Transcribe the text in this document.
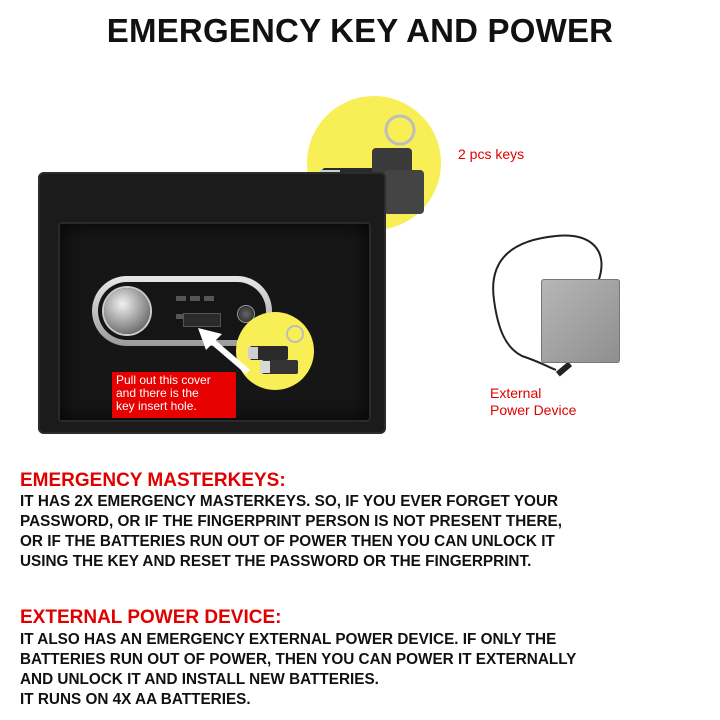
EMERGENCY KEY AND POWER

Pull out this cover
and there is the
key insert hole.
2 pcs keys
External
Power Device
EMERGENCY MASTERKEYS:
IT HAS 2X EMERGENCY MASTERKEYS. SO, IF YOU EVER FORGET YOUR
PASSWORD, OR IF THE FINGERPRINT PERSON IS NOT PRESENT THERE,
OR IF THE BATTERIES RUN OUT OF POWER THEN YOU CAN UNLOCK IT
USING THE KEY AND RESET THE PASSWORD OR THE FINGERPRINT.
EXTERNAL POWER DEVICE:
IT ALSO HAS AN EMERGENCY EXTERNAL POWER DEVICE. IF ONLY THE
BATTERIES RUN OUT OF POWER, THEN YOU CAN POWER IT EXTERNALLY
AND UNLOCK IT AND INSTALL NEW BATTERIES.
IT RUNS ON 4X AA BATTERIES.
